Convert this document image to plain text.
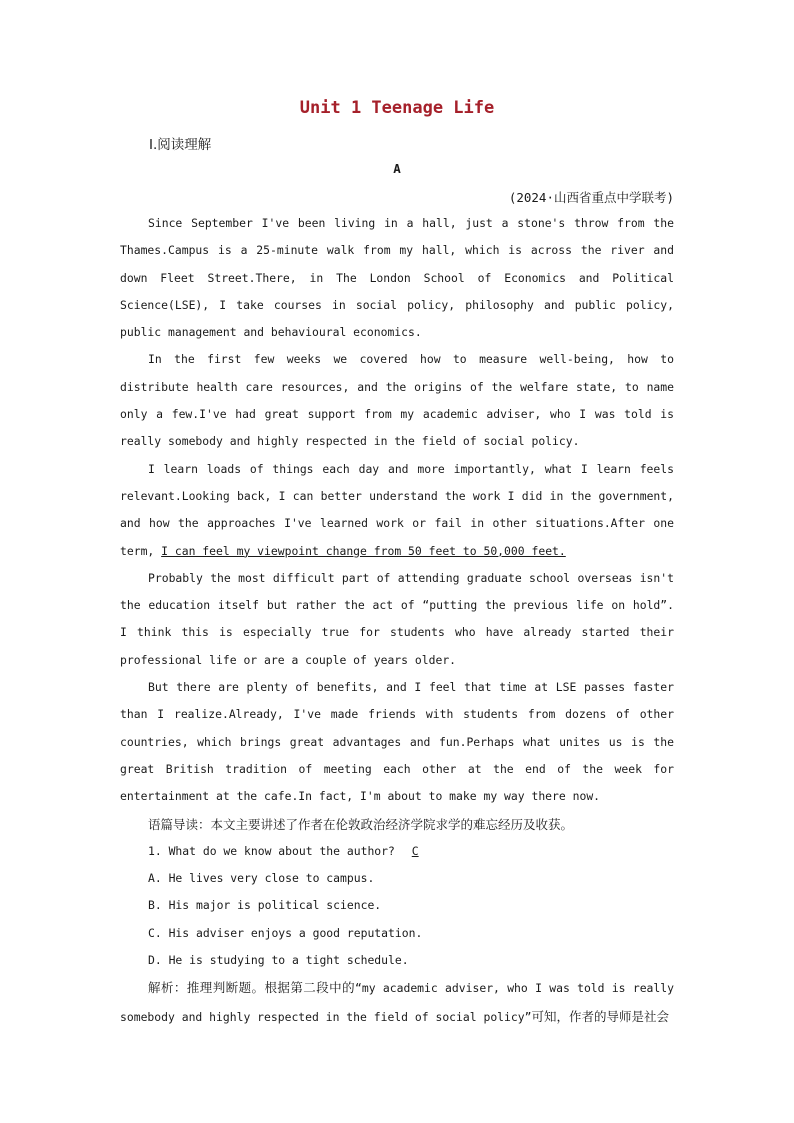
Unit 1 Teenage Life
Ⅰ.阅读理解
A
(2024·山西省重点中学联考)

Since September I've been living in a hall, just a stone's throw from the Thames.Campus is a 25-minute walk from my hall, which is across the river and down Fleet Street.There, in The London School of Economics and Political Science(LSE), I take courses in social policy, philosophy and public policy, public management and behavioural economics.

In the first few weeks we covered how to measure well-being, how to distribute health care resources, and the origins of the welfare state, to name only a few.I've had great support from my academic adviser, who I was told is really somebody and highly respected in the field of social policy.

I learn loads of things each day and more importantly, what I learn feels relevant.Looking back, I can better understand the work I did in the government, and how the approaches I've learned work or fail in other situations.After one term, I can feel my viewpoint change from 50 feet to 50,000 feet.

Probably the most difficult part of attending graduate school overseas isn't the education itself but rather the act of “putting the previous life on hold”. I think this is especially true for students who have already started their professional life or are a couple of years older.

But there are plenty of benefits, and I feel that time at LSE passes faster than I realize.Already, I've made friends with students from dozens of other countries, which brings great advantages and fun.Perhaps what unites us is the great British tradition of meeting each other at the end of the week for entertainment at the cafe.In fact, I'm about to make my way there now.

语篇导读：本文主要讲述了作者在伦敦政治经济学院求学的难忘经历及收获。

1. What do we know about the author? C

A. He lives very close to campus.

B. His major is political science.

C. His adviser enjoys a good reputation.

D. He is studying to a tight schedule.

解析：推理判断题。根据第二段中的“my academic adviser, who I was told is really somebody and highly respected in the field of social policy”可知，作者的导师是社会
